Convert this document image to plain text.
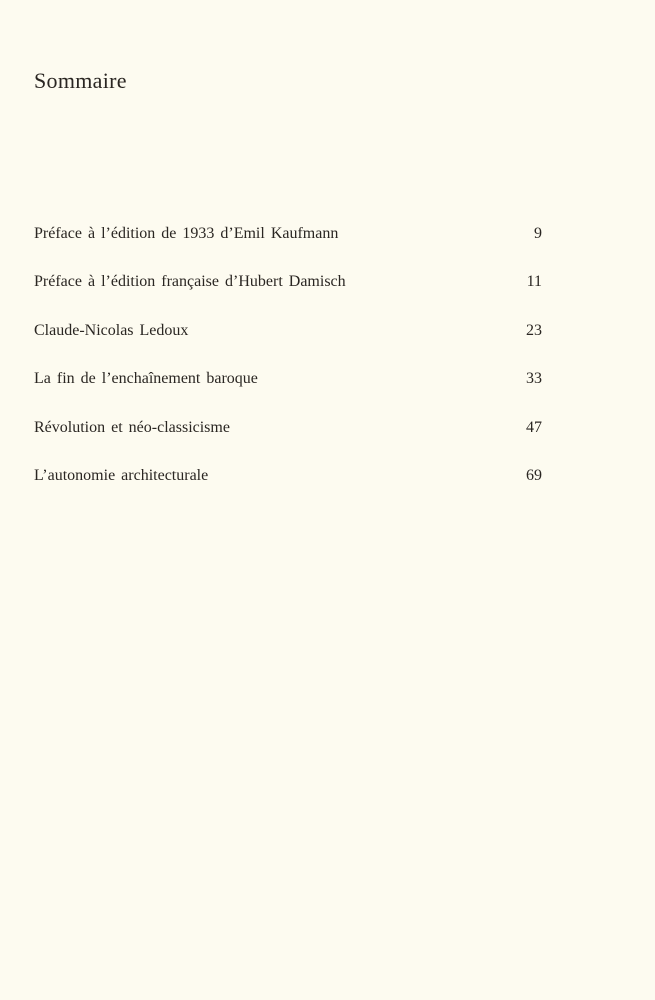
Sommaire
Préface à l’édition de 1933 d’Emil Kaufmann	9
Préface à l’édition française d’Hubert Damisch	11
Claude-Nicolas Ledoux	23
La fin de l’enchaînement baroque	33
Révolution et néo-classicisme	47
L’autonomie architecturale	69
